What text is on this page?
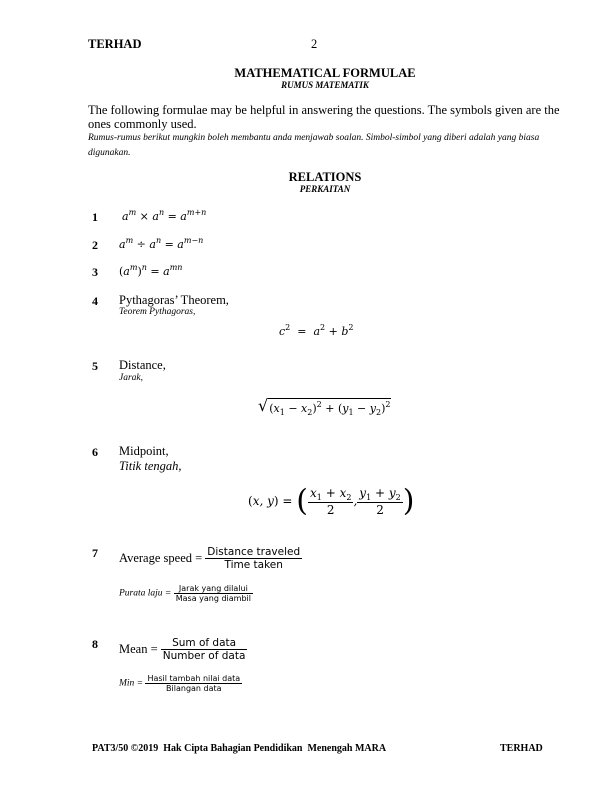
TERHAD	2
MATHEMATICAL FORMULAE
RUMUS MATEMATIK
The following formulae may be helpful in answering the questions. The symbols given are the ones commonly used.
Rumus-rumus berikut mungkin boleh membantu anda menjawab soalan. Simbol-simbol yang diberi adalah yang biasa digunakan.
RELATIONS
PERKAITAN
1 $a^m \times a^n = a^{m+n}$
2 $a^m \div a^n = a^{m-n}$
3 $(a^m)^n = a^{mn}$
4 Pythagoras’ Theorem,
Teorem Pythagoras,
$c^2 = a^2 + b^2$
5 Distance,
Jarak,
√ $(x_1 - x_2)^2 + (y_1 - y_2)^2$
6 Midpoint,
Titik tengah,
(x, y) = ( $\frac{x_1 + x_2}{2}$ , $\frac{y_1 + y_2}{2}$ )
7 Average speed = $\frac{\text{Distance traveled}}{\text{Time taken}}$
Purata laju = $\frac{\text{Jarak yang dilalui}}{\text{Masa yang diambil}}$
8 Mean = $\frac{\text{Sum of data}}{\text{Number of data}}$
Min = $\frac{\text{Hasil tambah nilai data}}{\text{Bilangan data}}$
PAT3/50 ©2019  Hak Cipta Bahagian Pendidikan  Menengah MARA	TERHAD
